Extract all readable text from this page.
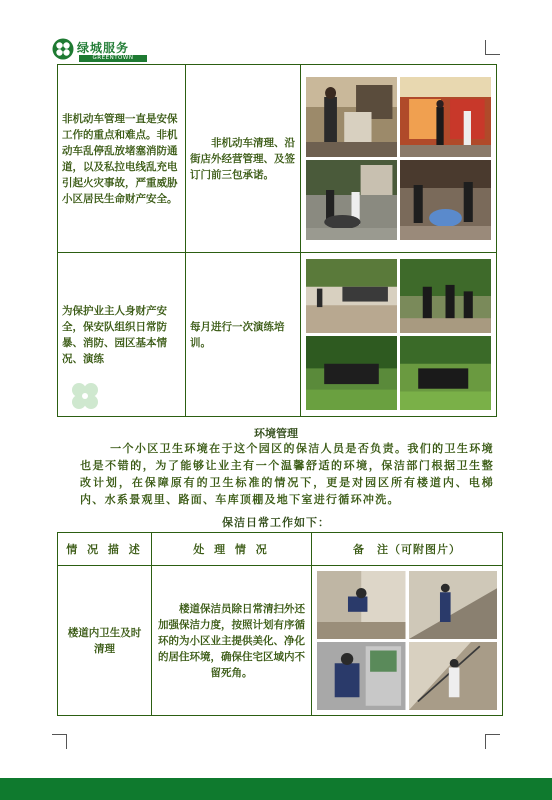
绿城服务
GREENTOWN
非机动车管理一直是安保工作的重点和难点。非机动车乱停乱放堵塞消防通道，以及私拉电线乱充电引起火灾事故，严重威胁小区居民生命财产安全。	　　非机动车清理、沿街店外经营管理、及签订门前三包承诺。

为保护业主人身财产安全，保安队组织日常防暴、消防、园区基本情况、演练	每月进行一次演练培训。

环境管理
一个小区卫生环境在于这个园区的保洁人员是否负责。我们的卫生环境也是不错的，为了能够让业主有一个温馨舒适的环境，保洁部门根据卫生整改计划，在保障原有的卫生标准的情况下，更是对园区所有楼道内、电梯内、水系景观里、路面、车库顶棚及地下室进行循环冲洗。
保洁日常工作如下：
情 况 描 述	处 理 情 况	备　注（可附图片）

楼道内卫生及时清理	　　楼道保洁员除日常清扫外还加强保洁力度，按照计划有序循环的为小区业主提供美化、净化的居住环境，确保住宅区域内不留死角。
